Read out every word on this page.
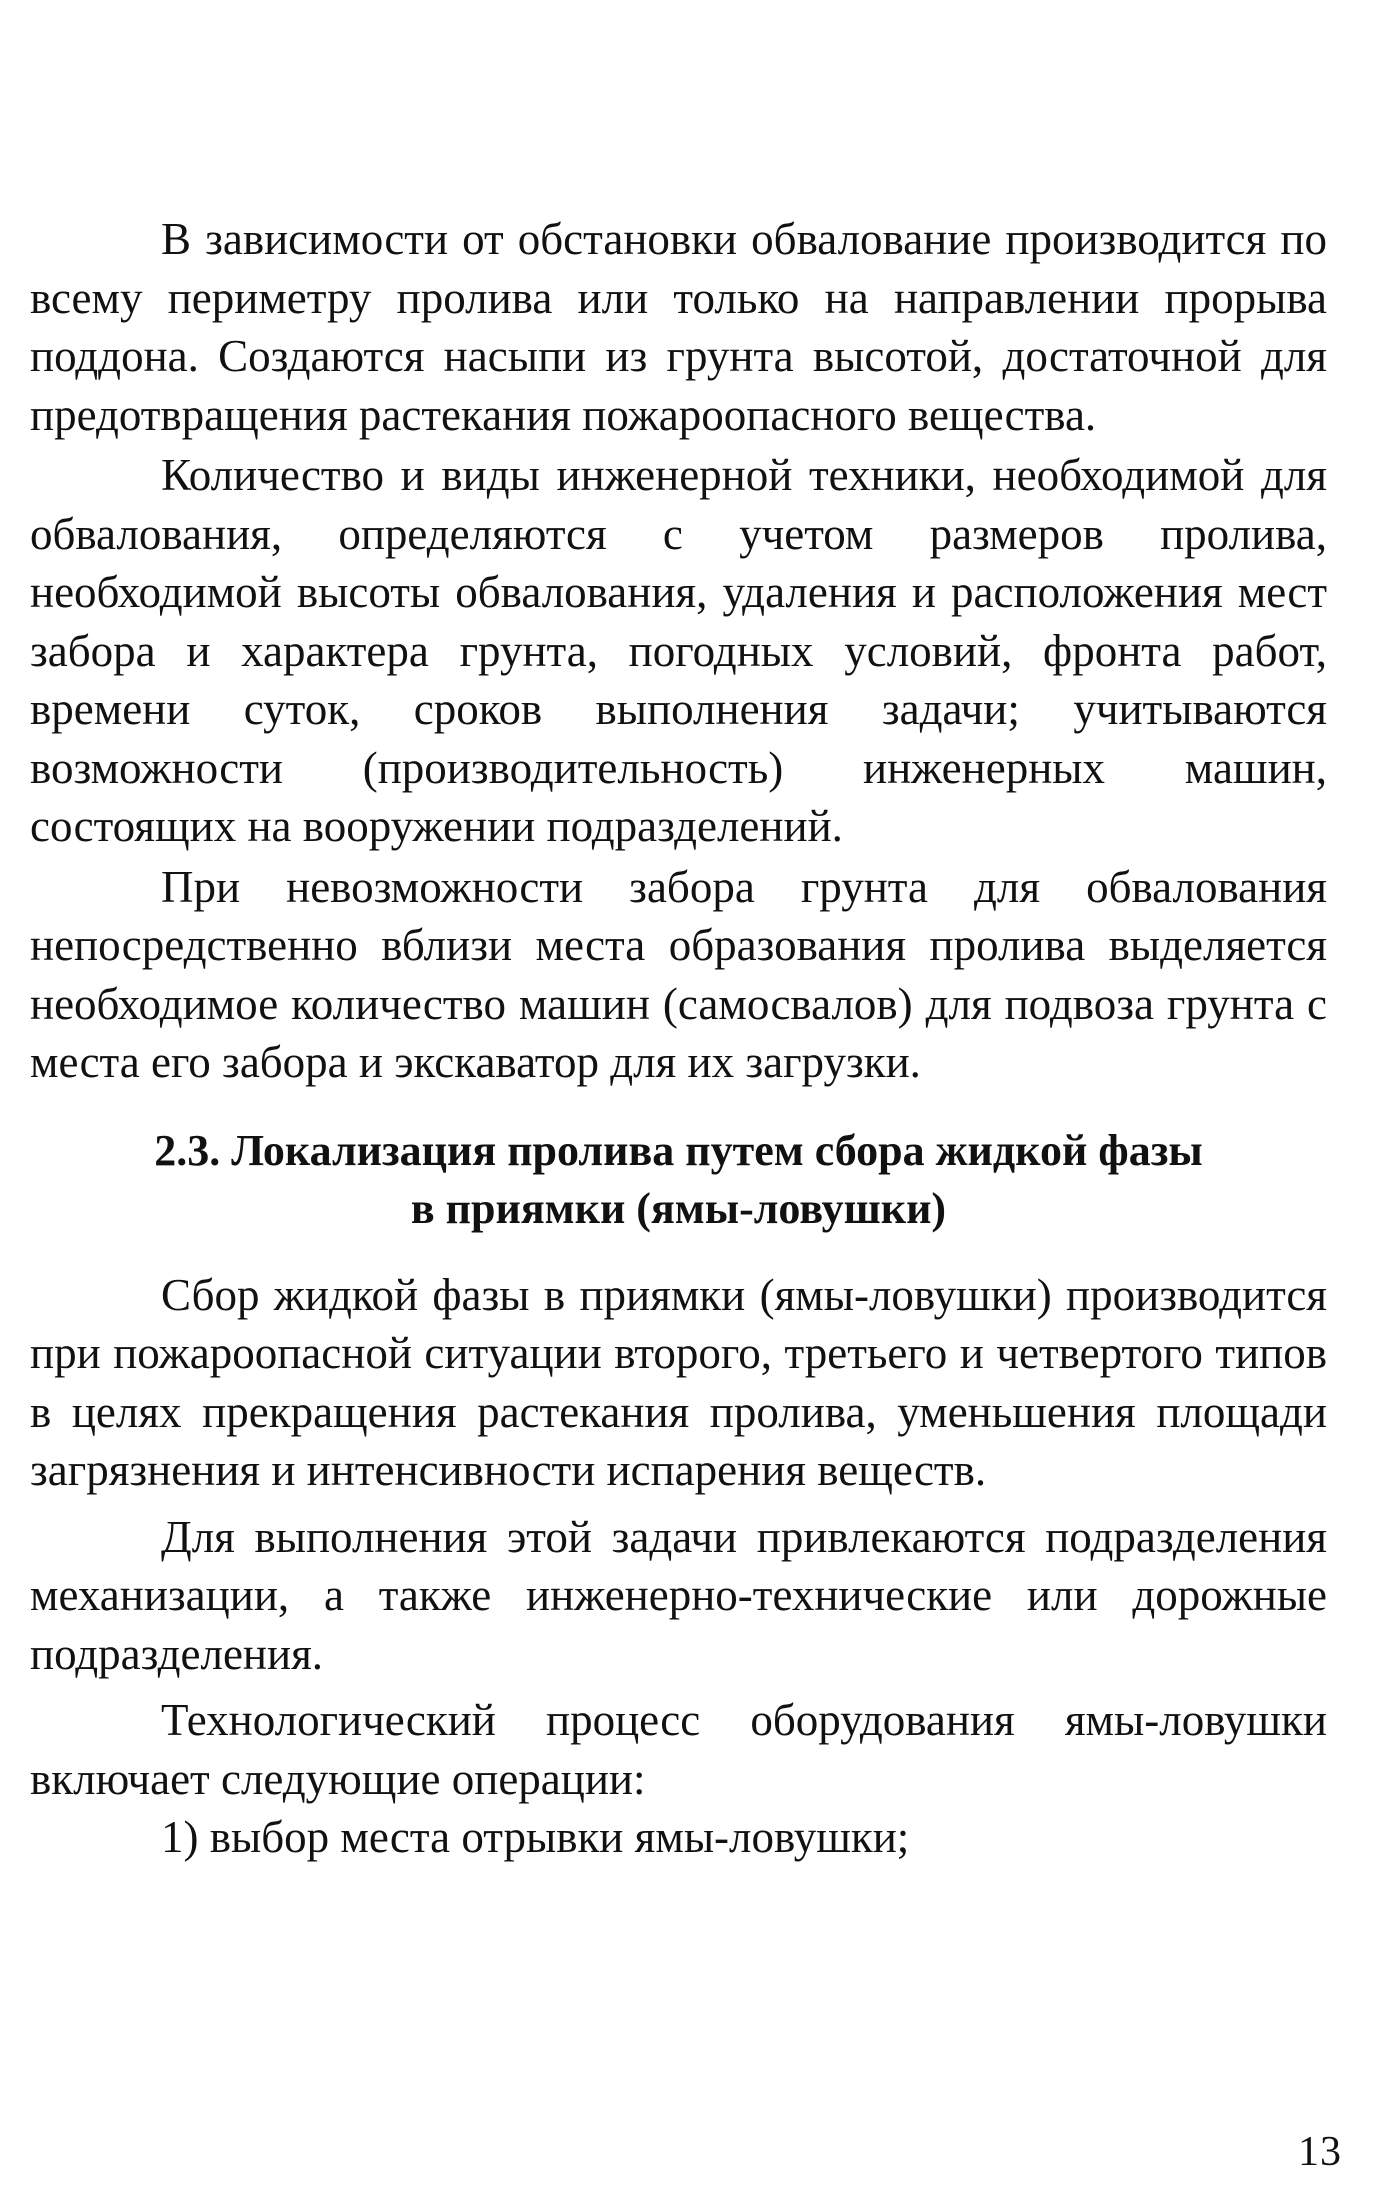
В зависимости от обстановки обвалование производится по всему периметру пролива или только на направлении прорыва поддона. Создаются насыпи из грунта высотой, достаточной для предотвращения растекания пожароопасного вещества.

Количество и виды инженерной техники, необходимой для обвалования, определяются с учетом размеров пролива, необходимой высоты обвалования, удаления и расположения мест забора и характера грунта, погодных условий, фронта работ, времени суток, сроков выполнения задачи; учитываются возможности (производительность) инженерных машин, состоящих на вооружении подразделений.

При невозможности забора грунта для обвалования непосредственно вблизи места образования пролива выделяется необходимое количество машин (самосвалов) для подвоза грунта с места его забора и экскаватор для их загрузки.

2.3. Локализация пролива путем сбора жидкой фазы
в приямки (ямы-ловушки)

Сбор жидкой фазы в приямки (ямы-ловушки) производится при пожароопасной ситуации второго, третьего и четвертого типов в целях прекращения растекания пролива, уменьшения площади загрязнения и интенсивности испарения веществ.

Для выполнения этой задачи привлекаются подразделения механизации, а также инженерно-технические или дорожные подразделения.

Технологический процесс оборудования ямы-ловушки включает следующие операции:

1) выбор места отрывки ямы-ловушки;

13
